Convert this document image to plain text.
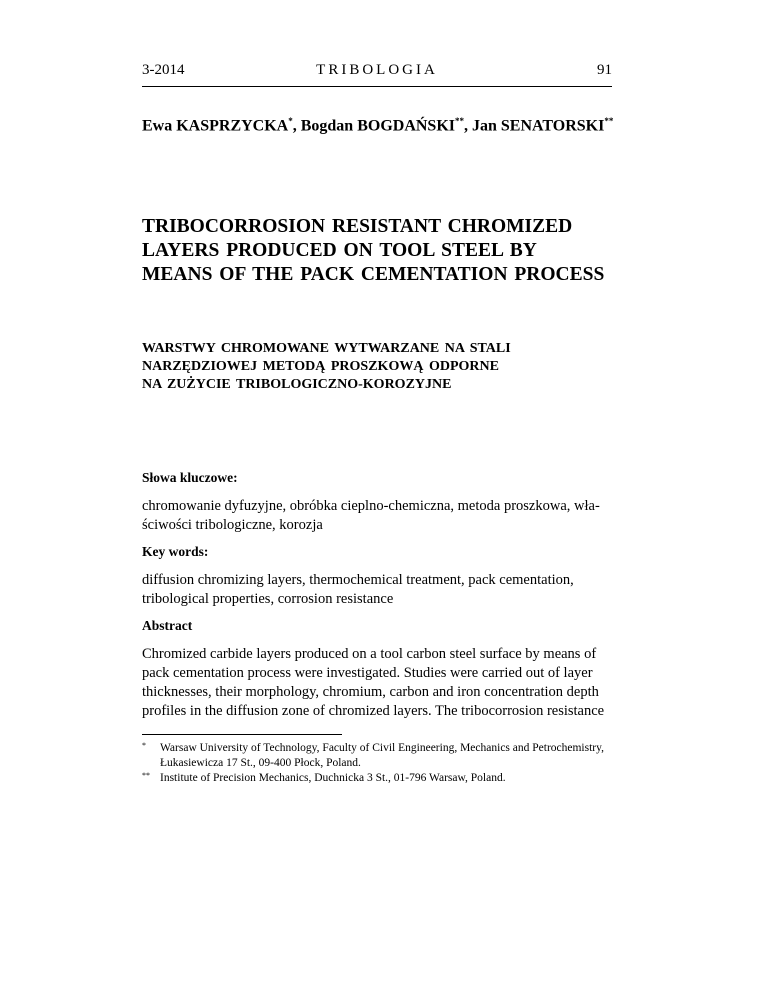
3-2014	TRIBOLOGIA	91
Ewa KASPRZYCKA*, Bogdan BOGDAŃSKI**, Jan SENATORSKI**
TRIBOCORROSION RESISTANT CHROMIZED
LAYERS PRODUCED ON TOOL STEEL BY
MEANS OF THE PACK CEMENTATION PROCESS
WARSTWY CHROMOWANE WYTWARZANE NA STALI
NARZĘDZIOWEJ METODĄ PROSZKOWĄ ODPORNE
NA ZUŻYCIE TRIBOLOGICZNO-KOROZYJNE
Słowa kluczowe:
chromowanie dyfuzyjne, obróbka cieplno-chemiczna, metoda proszkowa, wła-
ściwości tribologiczne, korozja
Key words:
diffusion chromizing layers, thermochemical treatment, pack cementation,
tribological properties, corrosion resistance
Abstract
Chromized carbide layers produced on a tool carbon steel surface by means of
pack cementation process were investigated. Studies were carried out of layer
thicknesses, their morphology, chromium, carbon and iron concentration depth
profiles in the diffusion zone of chromized layers. The tribocorrosion resistance
* Warsaw University of Technology, Faculty of Civil Engineering, Mechanics and Petrochemistry,
Łukasiewicza 17 St., 09-400 Płock, Poland.
** Institute of Precision Mechanics, Duchnicka 3 St., 01-796 Warsaw, Poland.
